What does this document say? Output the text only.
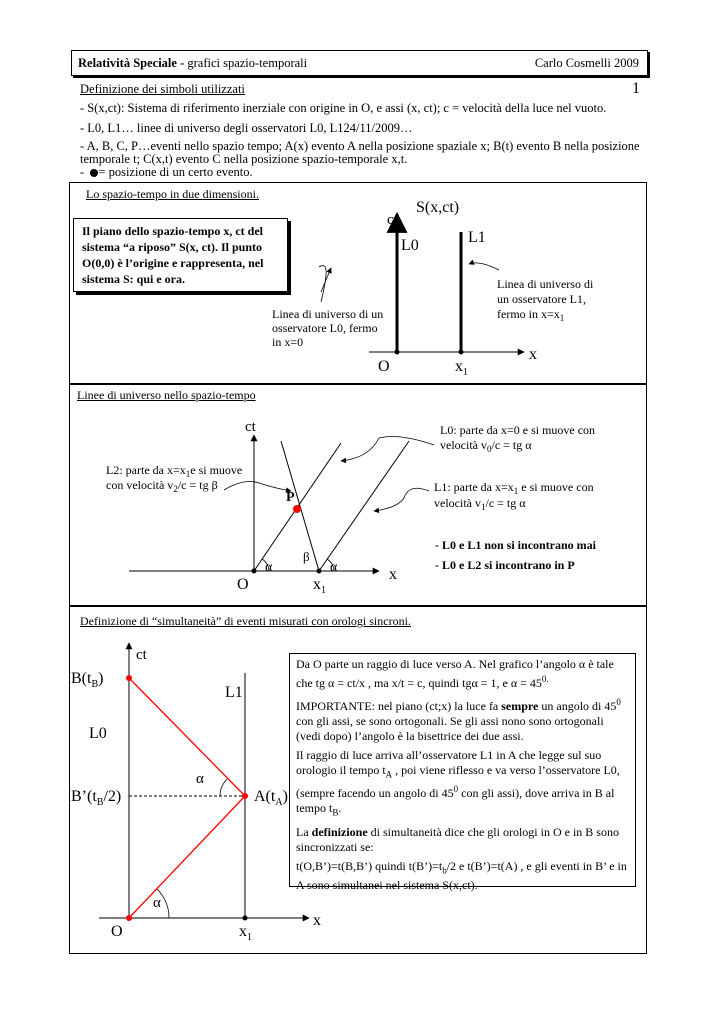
Relatività Speciale - grafici spazio-temporali	Carlo Cosmelli 2009
Definizione dei simboli utilizzati	1
- S(x,ct): Sistema di riferimento inerziale con origine in O, e assi (x, ct); c = velocità della luce nel vuoto.
- L0, L1… linee di universo degli osservatori L0, L124/11/2009…
- A, B, C, P…eventi nello spazio tempo; A(x) evento A nella posizione spaziale x; B(t) evento B nella posizione
temporale t; C(x,t) evento C nella posizione spazio-temporale x,t.
-  = posizione di un certo evento.
Lo spazio-tempo in due dimensioni.
Il piano dello spazio-tempo x, ct del sistema “a riposo” S(x, ct). Il punto O(0,0) è l’origine e rappresenta, nel sistema S: qui e ora.
ct
S(x,ct)
L0	L1
O	$x_1$
x
Linea di universo di un
osservatore L0, fermo
in x=0
Linea di universo di
un osservatore L1,
fermo in $x=x_1$
Linee di universo nello spazio-tempo
ct
x
O	$x_1$
P
α
β
α
L2: parte da $x=x_1e$ si muove
con velocità $v_2/c$ = tg β
L0: parte da x=0 e si muove con
velocità $v_0/c$ = tg α
L1: parte da $x=x_1$ e si muove con
velocità $v_1/c$ = tg α
- L0 e L1 non si incontrano mai
- L0 e L2 si incontrano in P
Definizione di “simultaneità” di eventi misurati con orologi sincroni.
ct
x
O	$x_1$
L0
L1
$B(t_B)$
$B’(t_B/2)$	$A(t_A)$
α
α
Da O parte un raggio di luce verso A. Nel grafico l’angolo α è tale che tg α = ct/x , ma x/t = c, quindi tgα = 1, e $\alpha = 45^{0.}$
IMPORTANTE: nel piano (ct;x) la luce fa sempre un angolo di $45^0$ con gli assi, se sono ortogonali. Se gli assi nono sono ortogonali (vedi dopo) l’angolo è la bisettrice dei due assi.
Il raggio di luce arriva all’osservatore L1 in A che legge sul suo orologio il tempo $t_A$ , poi viene riflesso e va verso l’osservatore L0, (sempre facendo un angolo di $45^0$ con gli assi), dove arriva in B al tempo $t_B$.
La definizione di simultaneità dice che gli orologi in O e in B sono sincronizzati se:
t(O,B’)=t(B,B’) quindi $t(B’)=t_b/2$ e t(B’)=t(A) , e gli eventi in B’ e in A sono simultanei nel sistema S(x,ct).
